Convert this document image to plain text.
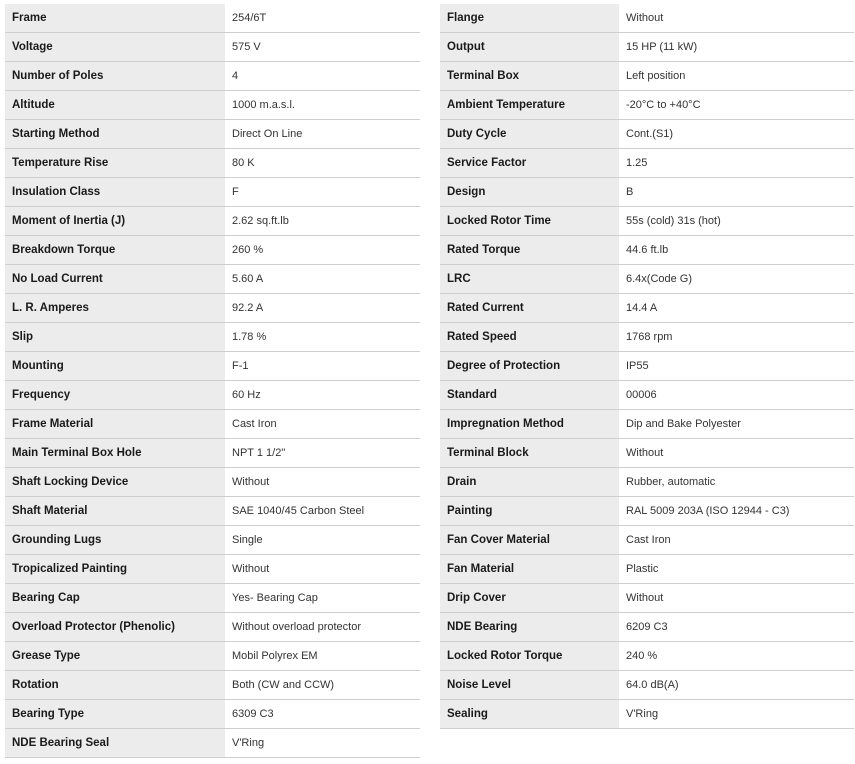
Frame	254/6T
Voltage	575 V
Number of Poles	4
Altitude	1000 m.a.s.l.
Starting Method	Direct On Line
Temperature Rise	80 K
Insulation Class	F
Moment of Inertia (J)	2.62 sq.ft.lb
Breakdown Torque	260 %
No Load Current	5.60 A
L. R. Amperes	92.2 A
Slip	1.78 %
Mounting	F-1
Frequency	60 Hz
Frame Material	Cast Iron
Main Terminal Box Hole	NPT 1 1/2"
Shaft Locking Device	Without
Shaft Material	SAE 1040/45 Carbon Steel
Grounding Lugs	Single
Tropicalized Painting	Without
Bearing Cap	Yes- Bearing Cap
Overload Protector (Phenolic)	Without overload protector
Grease Type	Mobil Polyrex EM
Rotation	Both (CW and CCW)
Bearing Type	6309 C3
NDE Bearing Seal	V'Ring
Flange	Without
Output	15 HP (11 kW)
Terminal Box	Left position
Ambient Temperature	-20°C to +40°C
Duty Cycle	Cont.(S1)
Service Factor	1.25
Design	B
Locked Rotor Time	55s (cold) 31s (hot)
Rated Torque	44.6 ft.lb
LRC	6.4x(Code G)
Rated Current	14.4 A
Rated Speed	1768 rpm
Degree of Protection	IP55
Standard	00006
Impregnation Method	Dip and Bake Polyester
Terminal Block	Without
Drain	Rubber, automatic
Painting	RAL 5009 203A (ISO 12944 - C3)
Fan Cover Material	Cast Iron
Fan Material	Plastic
Drip Cover	Without
NDE Bearing	6209 C3
Locked Rotor Torque	240 %
Noise Level	64.0 dB(A)
Sealing	V'Ring
